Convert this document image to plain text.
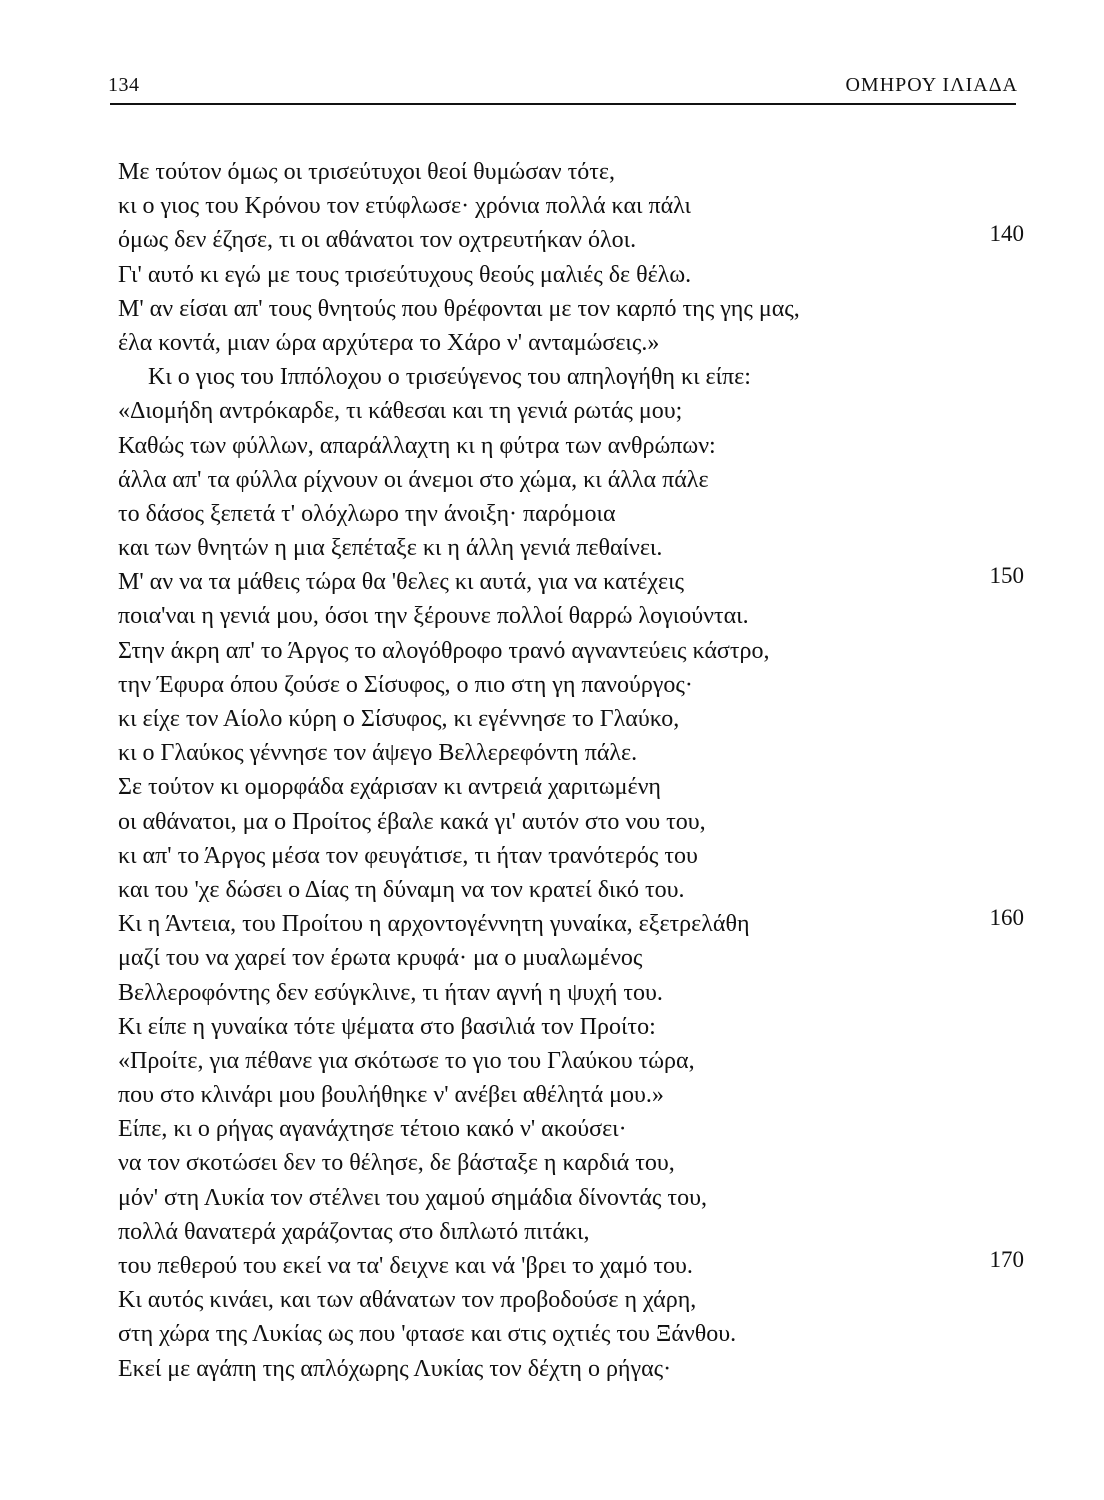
134	ΟΜΗΡΟΥ ΙΛΙΑΔΑ
Με τούτον όμως οι τρισεύτυχοι θεοί θυμώσαν τότε,
κι ο γιος του Κρόνου τον ετύφλωσε· χρόνια πολλά και πάλι
όμως δεν έζησε, τι οι αθάνατοι τον οχτρευτήκαν όλοι.	140
Γι' αυτό κι εγώ με τους τρισεύτυχους θεούς μαλιές δε θέλω.
Μ' αν είσαι απ' τους θνητούς που θρέφονται με τον καρπό της γης μας,
έλα κοντά, μιαν ώρα αρχύτερα το Χάρο ν' ανταμώσεις.»
Κι ο γιος του Ιππόλοχου ο τρισεύγενος του απηλογήθη κι είπε:
«Διομήδη αντρόκαρδε, τι κάθεσαι και τη γενιά ρωτάς μου;
Καθώς των φύλλων, απαράλλαχτη κι η φύτρα των ανθρώπων:
άλλα απ' τα φύλλα ρίχνουν οι άνεμοι στο χώμα, κι άλλα πάλε
το δάσος ξεπετά τ' ολόχλωρο την άνοιξη· παρόμοια
και των θνητών η μια ξεπέταξε κι η άλλη γενιά πεθαίνει.
Μ' αν να τα μάθεις τώρα θα 'θελες κι αυτά, για να κατέχεις	150
ποια'ναι η γενιά μου, όσοι την ξέρουνε πολλοί θαρρώ λογιούνται.
Στην άκρη απ' το Άργος το αλογόθροφο τρανό αγναντεύεις κάστρο,
την Έφυρα όπου ζούσε ο Σίσυφος, ο πιο στη γη πανούργος·
κι είχε τον Αίολο κύρη ο Σίσυφος, κι εγέννησε το Γλαύκο,
κι ο Γλαύκος γέννησε τον άψεγο Βελλερεφόντη πάλε.
Σε τούτον κι ομορφάδα εχάρισαν κι αντρειά χαριτωμένη
οι αθάνατοι, μα ο Προίτος έβαλε κακά γι' αυτόν στο νου του,
κι απ' το Άργος μέσα τον φευγάτισε, τι ήταν τρανότερός του
και του 'χε δώσει ο Δίας τη δύναμη να τον κρατεί δικό του.
Κι η Άντεια, του Προίτου η αρχοντογέννητη γυναίκα, εξετρελάθη	160
μαζί του να χαρεί τον έρωτα κρυφά· μα ο μυαλωμένος
Βελλεροφόντης δεν εσύγκλινε, τι ήταν αγνή η ψυχή του.
Κι είπε η γυναίκα τότε ψέματα στο βασιλιά τον Προίτο:
«Προίτε, για πέθανε για σκότωσε το γιο του Γλαύκου τώρα,
που στο κλινάρι μου βουλήθηκε ν' ανέβει αθέλητά μου.»
Είπε, κι ο ρήγας αγανάχτησε τέτοιο κακό ν' ακούσει·
να τον σκοτώσει δεν το θέλησε, δε βάσταξε η καρδιά του,
μόν' στη Λυκία τον στέλνει του χαμού σημάδια δίνοντάς του,
πολλά θανατερά χαράζοντας στο διπλωτό πιτάκι,
του πεθερού του εκεί να τα' δειχνε και νά 'βρει το χαμό του.	170
Κι αυτός κινάει, και των αθάνατων τον προβοδούσε η χάρη,
στη χώρα της Λυκίας ως που 'φτασε και στις οχτιές του Ξάνθου.
Εκεί με αγάπη της απλόχωρης Λυκίας τον δέχτη ο ρήγας·
